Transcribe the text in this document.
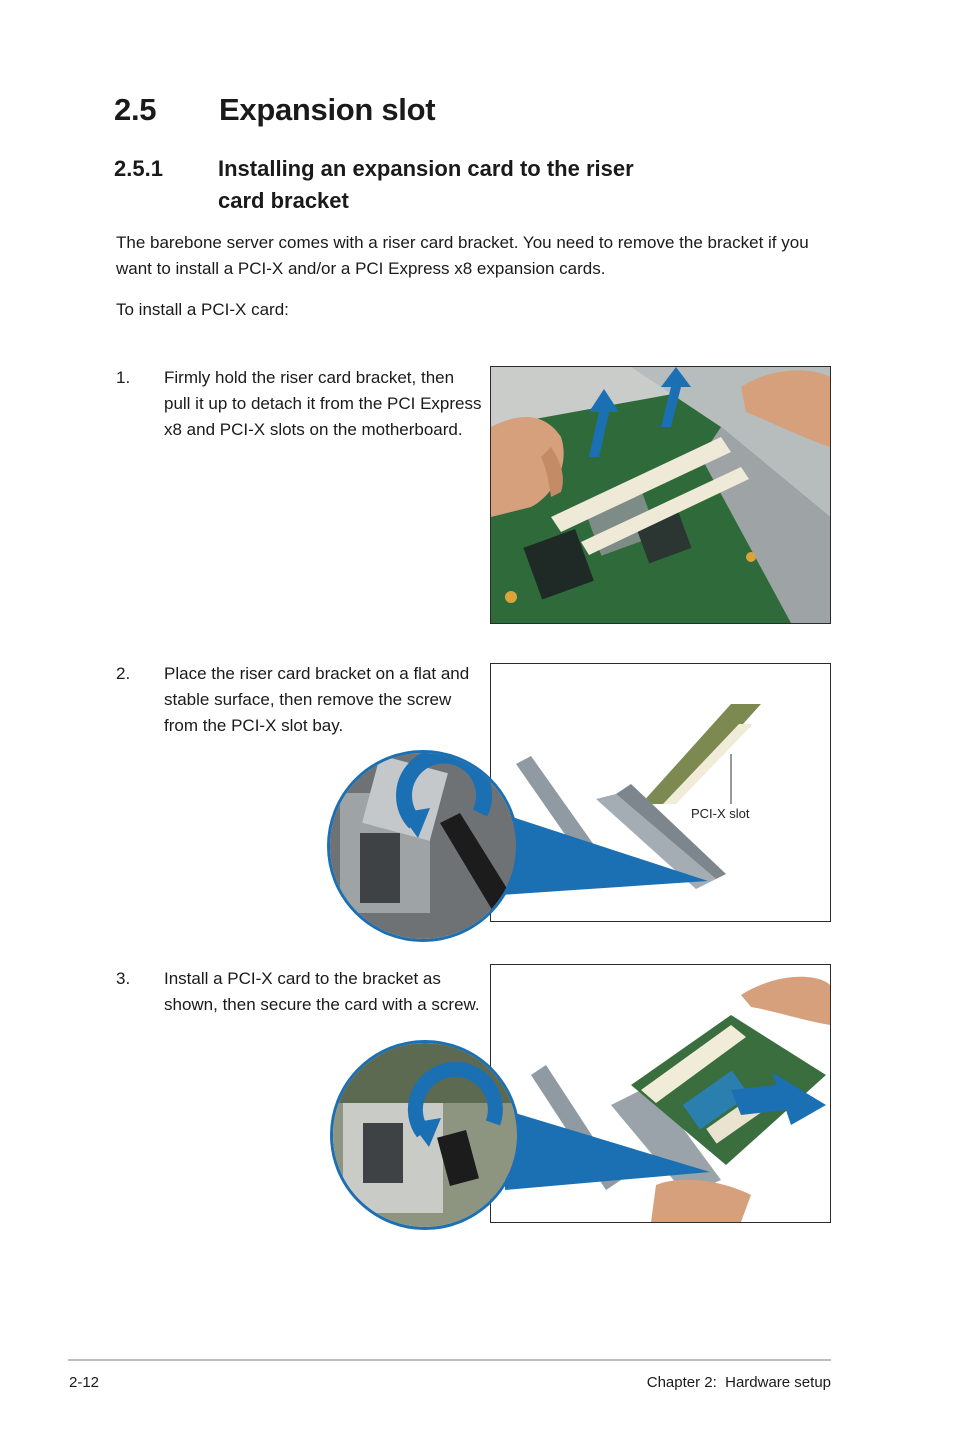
2.5 Expansion slot
2.5.1	Installing an expansion card to the riser card bracket
The barebone server comes with a riser card bracket. You need to remove the bracket if you want to install a PCI-X and/or a PCI Express x8 expansion cards.
To install a PCI-X card:
1. Firmly hold the riser card bracket, then pull it up to detach it from the PCI Express x8 and PCI-X slots on the motherboard.
2. Place the riser card bracket on a flat and stable surface, then remove the screw from the PCI-X slot bay.
PCI-X slot
3. Install a PCI-X card to the bracket as shown, then secure the card with a screw.
2-12	Chapter 2:  Hardware setup
